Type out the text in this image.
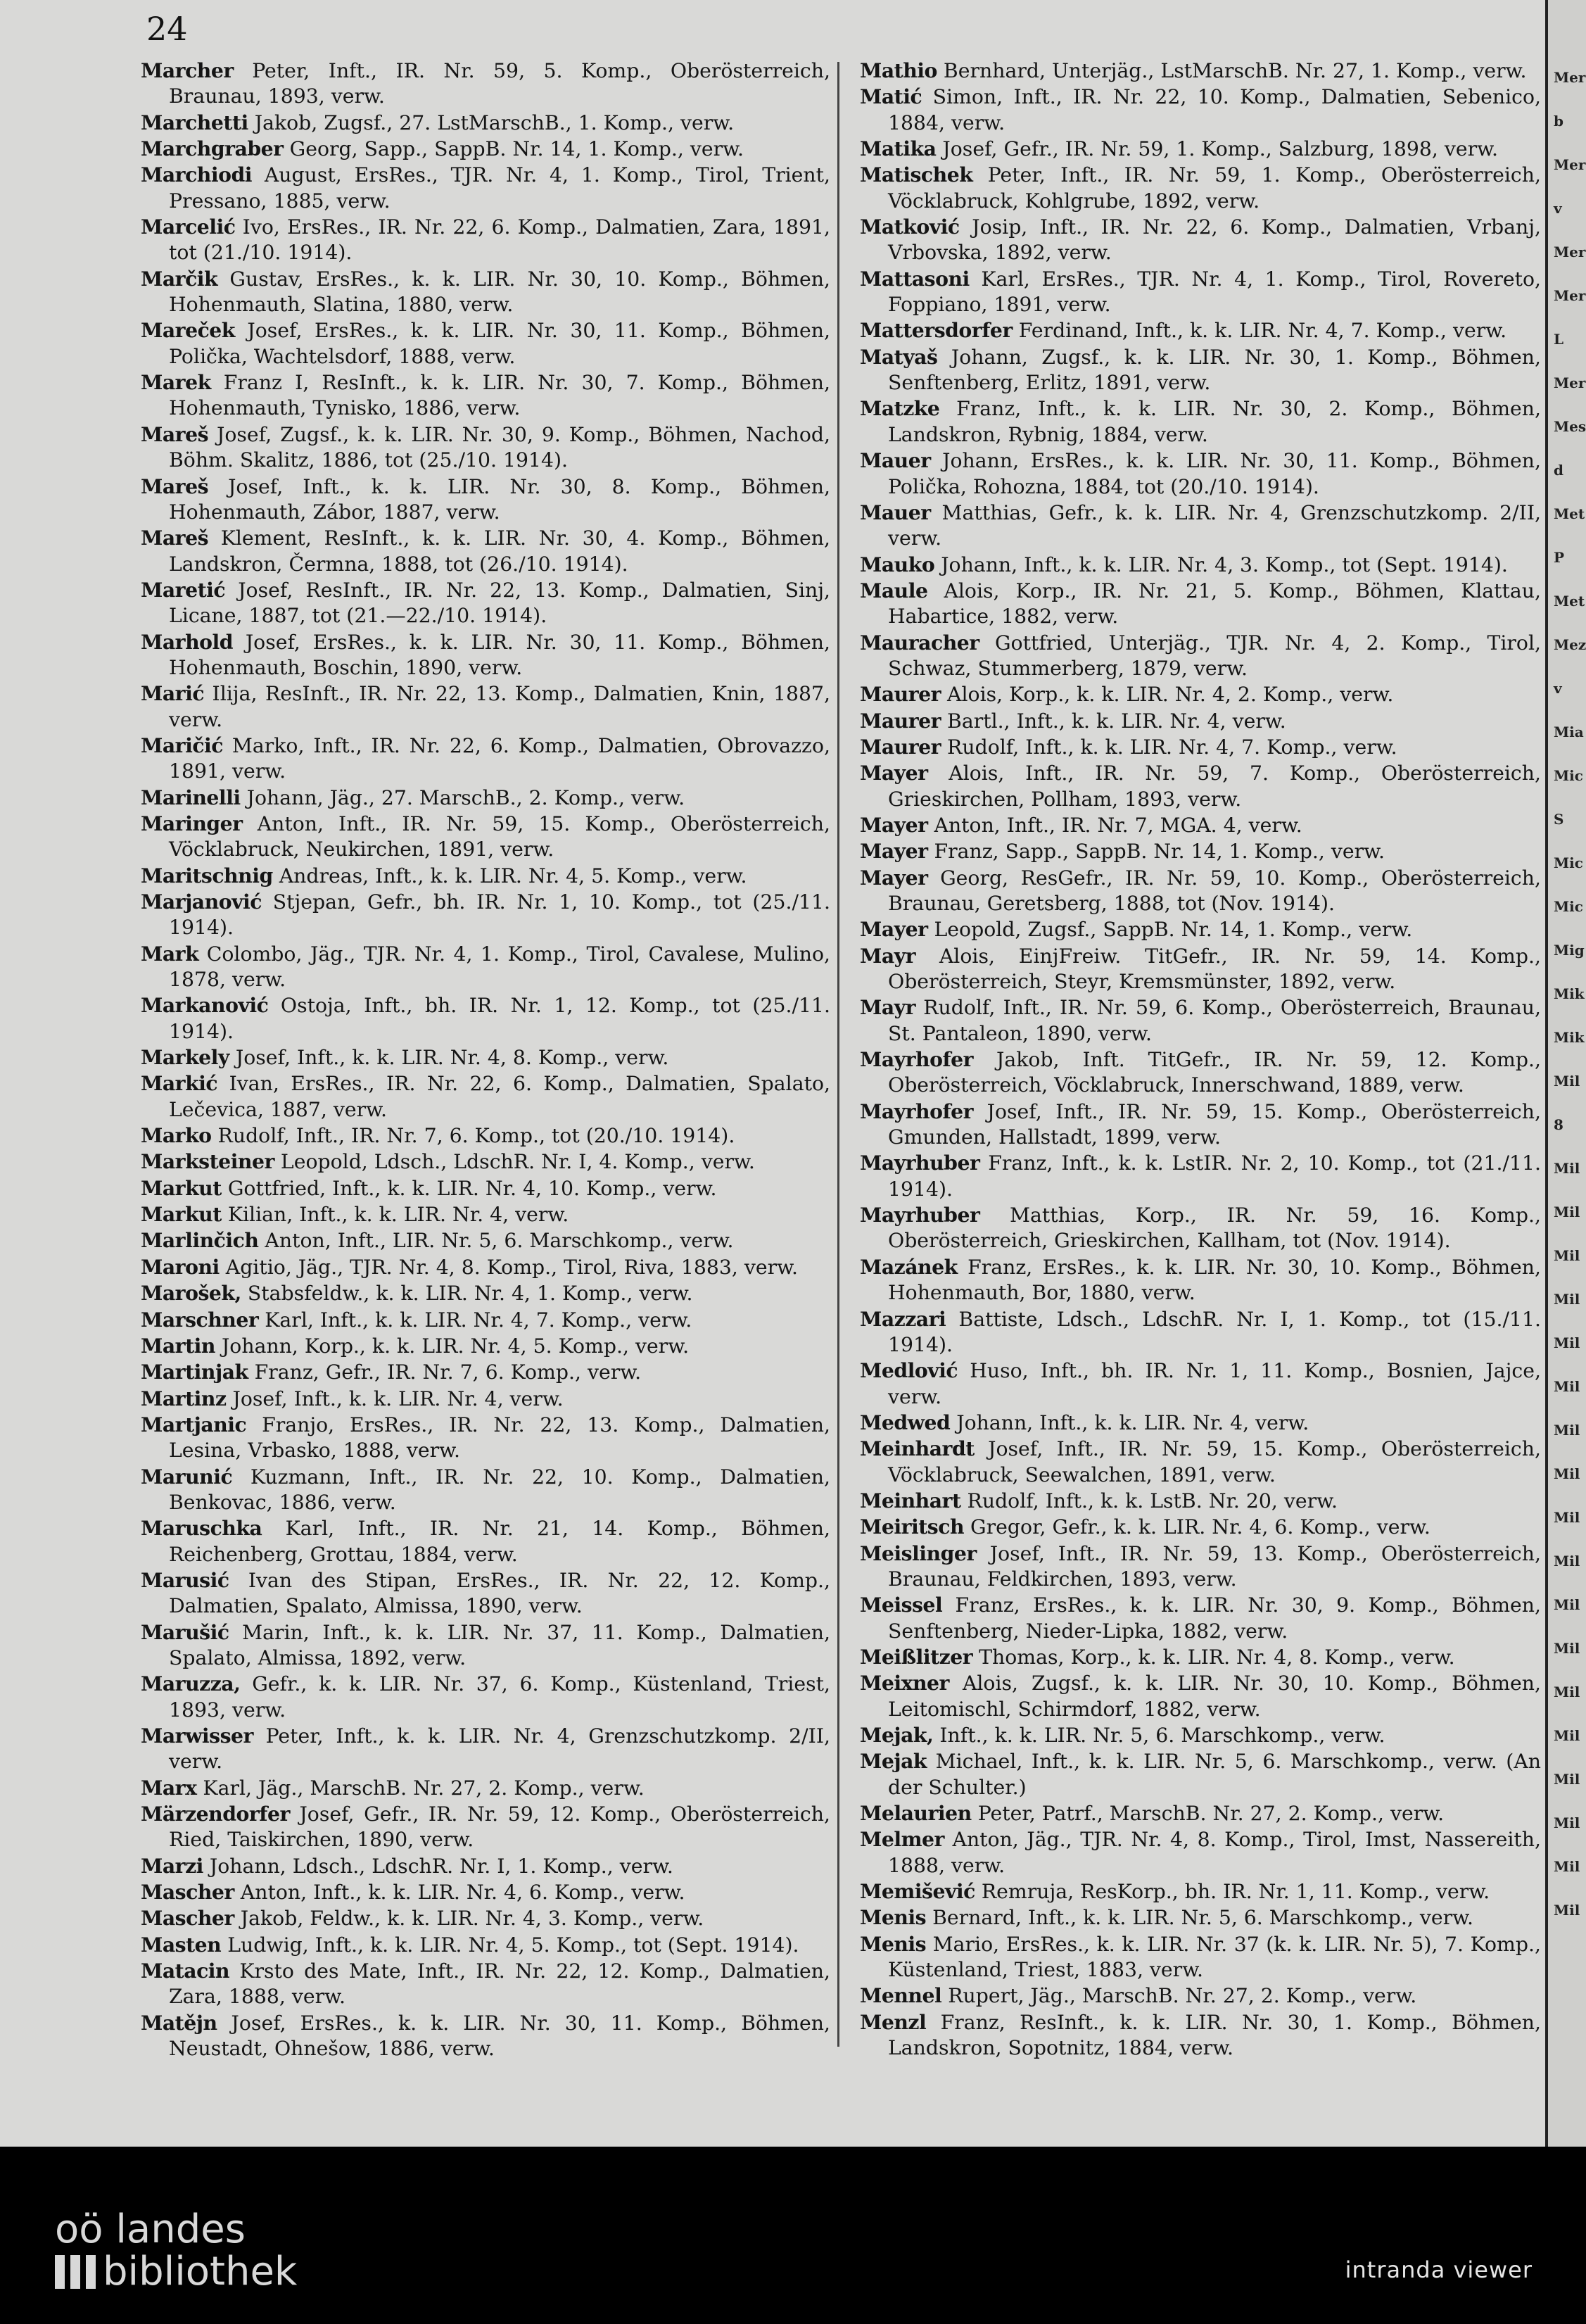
24
Marcher Peter, Inft., IR. Nr. 59, 5. Komp., Oberösterreich, Braunau, 1893, verw.
Marchetti Jakob, Zugsf., 27. LstMarschB., 1. Komp., verw.
Marchgraber Georg, Sapp., SappB. Nr. 14, 1. Komp., verw.
Marchiodi August, ErsRes., TJR. Nr. 4, 1. Komp., Tirol, Trient, Pressano, 1885, verw.
Marcelić Ivo, ErsRes., IR. Nr. 22, 6. Komp., Dalmatien, Zara, 1891, tot (21./10. 1914).
Marčik Gustav, ErsRes., k. k. LIR. Nr. 30, 10. Komp., Böhmen, Hohenmauth, Slatina, 1880, verw.
Mareček Josef, ErsRes., k. k. LIR. Nr. 30, 11. Komp., Böhmen, Polička, Wachtelsdorf, 1888, verw.
Marek Franz I, ResInft., k. k. LIR. Nr. 30, 7. Komp., Böhmen, Hohenmauth, Tynisko, 1886, verw.
Mareš Josef, Zugsf., k. k. LIR. Nr. 30, 9. Komp., Böhmen, Nachod, Böhm. Skalitz, 1886, tot (25./10. 1914).
Mareš Josef, Inft., k. k. LIR. Nr. 30, 8. Komp., Böhmen, Hohenmauth, Zábor, 1887, verw.
Mareš Klement, ResInft., k. k. LIR. Nr. 30, 4. Komp., Böhmen, Landskron, Čermna, 1888, tot (26./10. 1914).
Maretić Josef, ResInft., IR. Nr. 22, 13. Komp., Dalmatien, Sinj, Licane, 1887, tot (21.—22./10. 1914).
Marhold Josef, ErsRes., k. k. LIR. Nr. 30, 11. Komp., Böhmen, Hohenmauth, Boschin, 1890, verw.
Marić Ilija, ResInft., IR. Nr. 22, 13. Komp., Dalmatien, Knin, 1887, verw.
Maričić Marko, Inft., IR. Nr. 22, 6. Komp., Dalmatien, Obrovazzo, 1891, verw.
Marinelli Johann, Jäg., 27. MarschB., 2. Komp., verw.
Maringer Anton, Inft., IR. Nr. 59, 15. Komp., Oberösterreich, Vöcklabruck, Neukirchen, 1891, verw.
Maritschnig Andreas, Inft., k. k. LIR. Nr. 4, 5. Komp., verw.
Marjanović Stjepan, Gefr., bh. IR. Nr. 1, 10. Komp., tot (25./11. 1914).
Mark Colombo, Jäg., TJR. Nr. 4, 1. Komp., Tirol, Cavalese, Mulino, 1878, verw.
Markanović Ostoja, Inft., bh. IR. Nr. 1, 12. Komp., tot (25./11. 1914).
Markely Josef, Inft., k. k. LIR. Nr. 4, 8. Komp., verw.
Markić Ivan, ErsRes., IR. Nr. 22, 6. Komp., Dalmatien, Spalato, Lečevica, 1887, verw.
Marko Rudolf, Inft., IR. Nr. 7, 6. Komp., tot (20./10. 1914).
Marksteiner Leopold, Ldsch., LdschR. Nr. I, 4. Komp., verw.
Markut Gottfried, Inft., k. k. LIR. Nr. 4, 10. Komp., verw.
Markut Kilian, Inft., k. k. LIR. Nr. 4, verw.
Marlinčich Anton, Inft., LIR. Nr. 5, 6. Marschkomp., verw.
Maroni Agitio, Jäg., TJR. Nr. 4, 8. Komp., Tirol, Riva, 1883, verw.
Marošek, Stabsfeldw., k. k. LIR. Nr. 4, 1. Komp., verw.
Marschner Karl, Inft., k. k. LIR. Nr. 4, 7. Komp., verw.
Martin Johann, Korp., k. k. LIR. Nr. 4, 5. Komp., verw.
Martinjak Franz, Gefr., IR. Nr. 7, 6. Komp., verw.
Martinz Josef, Inft., k. k. LIR. Nr. 4, verw.
Martjanic Franjo, ErsRes., IR. Nr. 22, 13. Komp., Dalmatien, Lesina, Vrbasko, 1888, verw.
Marunić Kuzmann, Inft., IR. Nr. 22, 10. Komp., Dalmatien, Benkovac, 1886, verw.
Maruschka Karl, Inft., IR. Nr. 21, 14. Komp., Böhmen, Reichenberg, Grottau, 1884, verw.
Marusić Ivan des Stipan, ErsRes., IR. Nr. 22, 12. Komp., Dalmatien, Spalato, Almissa, 1890, verw.
Marušić Marin, Inft., k. k. LIR. Nr. 37, 11. Komp., Dalmatien, Spalato, Almissa, 1892, verw.
Maruzza, Gefr., k. k. LIR. Nr. 37, 6. Komp., Küstenland, Triest, 1893, verw.
Marwisser Peter, Inft., k. k. LIR. Nr. 4, Grenzschutzkomp. 2/II, verw.
Marx Karl, Jäg., MarschB. Nr. 27, 2. Komp., verw.
Märzendorfer Josef, Gefr., IR. Nr. 59, 12. Komp., Oberösterreich, Ried, Taiskirchen, 1890, verw.
Marzi Johann, Ldsch., LdschR. Nr. I, 1. Komp., verw.
Mascher Anton, Inft., k. k. LIR. Nr. 4, 6. Komp., verw.
Mascher Jakob, Feldw., k. k. LIR. Nr. 4, 3. Komp., verw.
Masten Ludwig, Inft., k. k. LIR. Nr. 4, 5. Komp., tot (Sept. 1914).
Matacin Krsto des Mate, Inft., IR. Nr. 22, 12. Komp., Dalmatien, Zara, 1888, verw.
Matějn Josef, ErsRes., k. k. LIR. Nr. 30, 11. Komp., Böhmen, Neustadt, Ohnešow, 1886, verw.
Mathio Bernhard, Unterjäg., LstMarschB. Nr. 27, 1. Komp., verw.
Matić Simon, Inft., IR. Nr. 22, 10. Komp., Dalmatien, Sebenico, 1884, verw.
Matika Josef, Gefr., IR. Nr. 59, 1. Komp., Salzburg, 1898, verw.
Matischek Peter, Inft., IR. Nr. 59, 1. Komp., Oberösterreich, Vöcklabruck, Kohlgrube, 1892, verw.
Matković Josip, Inft., IR. Nr. 22, 6. Komp., Dalmatien, Vrbanj, Vrbovska, 1892, verw.
Mattasoni Karl, ErsRes., TJR. Nr. 4, 1. Komp., Tirol, Rovereto, Foppiano, 1891, verw.
Mattersdorfer Ferdinand, Inft., k. k. LIR. Nr. 4, 7. Komp., verw.
Matyaš Johann, Zugsf., k. k. LIR. Nr. 30, 1. Komp., Böhmen, Senftenberg, Erlitz, 1891, verw.
Matzke Franz, Inft., k. k. LIR. Nr. 30, 2. Komp., Böhmen, Landskron, Rybnig, 1884, verw.
Mauer Johann, ErsRes., k. k. LIR. Nr. 30, 11. Komp., Böhmen, Polička, Rohozna, 1884, tot (20./10. 1914).
Mauer Matthias, Gefr., k. k. LIR. Nr. 4, Grenzschutzkomp. 2/II, verw.
Mauko Johann, Inft., k. k. LIR. Nr. 4, 3. Komp., tot (Sept. 1914).
Maule Alois, Korp., IR. Nr. 21, 5. Komp., Böhmen, Klattau, Habartice, 1882, verw.
Mauracher Gottfried, Unterjäg., TJR. Nr. 4, 2. Komp., Tirol, Schwaz, Stummerberg, 1879, verw.
Maurer Alois, Korp., k. k. LIR. Nr. 4, 2. Komp., verw.
Maurer Bartl., Inft., k. k. LIR. Nr. 4, verw.
Maurer Rudolf, Inft., k. k. LIR. Nr. 4, 7. Komp., verw.
Mayer Alois, Inft., IR. Nr. 59, 7. Komp., Oberösterreich, Grieskirchen, Pollham, 1893, verw.
Mayer Anton, Inft., IR. Nr. 7, MGA. 4, verw.
Mayer Franz, Sapp., SappB. Nr. 14, 1. Komp., verw.
Mayer Georg, ResGefr., IR. Nr. 59, 10. Komp., Oberösterreich, Braunau, Geretsberg, 1888, tot (Nov. 1914).
Mayer Leopold, Zugsf., SappB. Nr. 14, 1. Komp., verw.
Mayr Alois, EinjFreiw. TitGefr., IR. Nr. 59, 14. Komp., Oberösterreich, Steyr, Kremsmünster, 1892, verw.
Mayr Rudolf, Inft., IR. Nr. 59, 6. Komp., Oberösterreich, Braunau, St. Pantaleon, 1890, verw.
Mayrhofer Jakob, Inft. TitGefr., IR. Nr. 59, 12. Komp., Oberösterreich, Vöcklabruck, Innerschwand, 1889, verw.
Mayrhofer Josef, Inft., IR. Nr. 59, 15. Komp., Oberösterreich, Gmunden, Hallstadt, 1899, verw.
Mayrhuber Franz, Inft., k. k. LstIR. Nr. 2, 10. Komp., tot (21./11. 1914).
Mayrhuber Matthias, Korp., IR. Nr. 59, 16. Komp., Oberösterreich, Grieskirchen, Kallham, tot (Nov. 1914).
Mazánek Franz, ErsRes., k. k. LIR. Nr. 30, 10. Komp., Böhmen, Hohenmauth, Bor, 1880, verw.
Mazzari Battiste, Ldsch., LdschR. Nr. I, 1. Komp., tot (15./11. 1914).
Medlović Huso, Inft., bh. IR. Nr. 1, 11. Komp., Bosnien, Jajce, verw.
Medwed Johann, Inft., k. k. LIR. Nr. 4, verw.
Meinhardt Josef, Inft., IR. Nr. 59, 15. Komp., Oberösterreich, Vöcklabruck, Seewalchen, 1891, verw.
Meinhart Rudolf, Inft., k. k. LstB. Nr. 20, verw.
Meiritsch Gregor, Gefr., k. k. LIR. Nr. 4, 6. Komp., verw.
Meislinger Josef, Inft., IR. Nr. 59, 13. Komp., Oberösterreich, Braunau, Feldkirchen, 1893, verw.
Meissel Franz, ErsRes., k. k. LIR. Nr. 30, 9. Komp., Böhmen, Senftenberg, Nieder-Lipka, 1882, verw.
Meißlitzer Thomas, Korp., k. k. LIR. Nr. 4, 8. Komp., verw.
Meixner Alois, Zugsf., k. k. LIR. Nr. 30, 10. Komp., Böhmen, Leitomischl, Schirmdorf, 1882, verw.
Mejak, Inft., k. k. LIR. Nr. 5, 6. Marschkomp., verw.
Mejak Michael, Inft., k. k. LIR. Nr. 5, 6. Marschkomp., verw. (An der Schulter.)
Melaurien Peter, Patrf., MarschB. Nr. 27, 2. Komp., verw.
Melmer Anton, Jäg., TJR. Nr. 4, 8. Komp., Tirol, Imst, Nassereith, 1888, verw.
Memišević Remruja, ResKorp., bh. IR. Nr. 1, 11. Komp., verw.
Menis Bernard, Inft., k. k. LIR. Nr. 5, 6. Marschkomp., verw.
Menis Mario, ErsRes., k. k. LIR. Nr. 37 (k. k. LIR. Nr. 5), 7. Komp., Küstenland, Triest, 1883, verw.
Mennel Rupert, Jäg., MarschB. Nr. 27, 2. Komp., verw.
Menzl Franz, ResInft., k. k. LIR. Nr. 30, 1. Komp., Böhmen, Landskron, Sopotnitz, 1884, verw.
Mer
b
Mer
v
Mer
Mer
L
Mer
Mes
d
Met
P
Met
Mez
v
Mia
Mic
S
Mic
Mic
Mig
Mik
Mik
Mil
8
Mil
Mil
Mil
Mil
Mil
Mil
Mil
Mil
Mil
Mil
Mil
Mil
Mil
Mil
Mil
Mil
Mil
Mil
oö landes
bibliothek	intranda viewer
